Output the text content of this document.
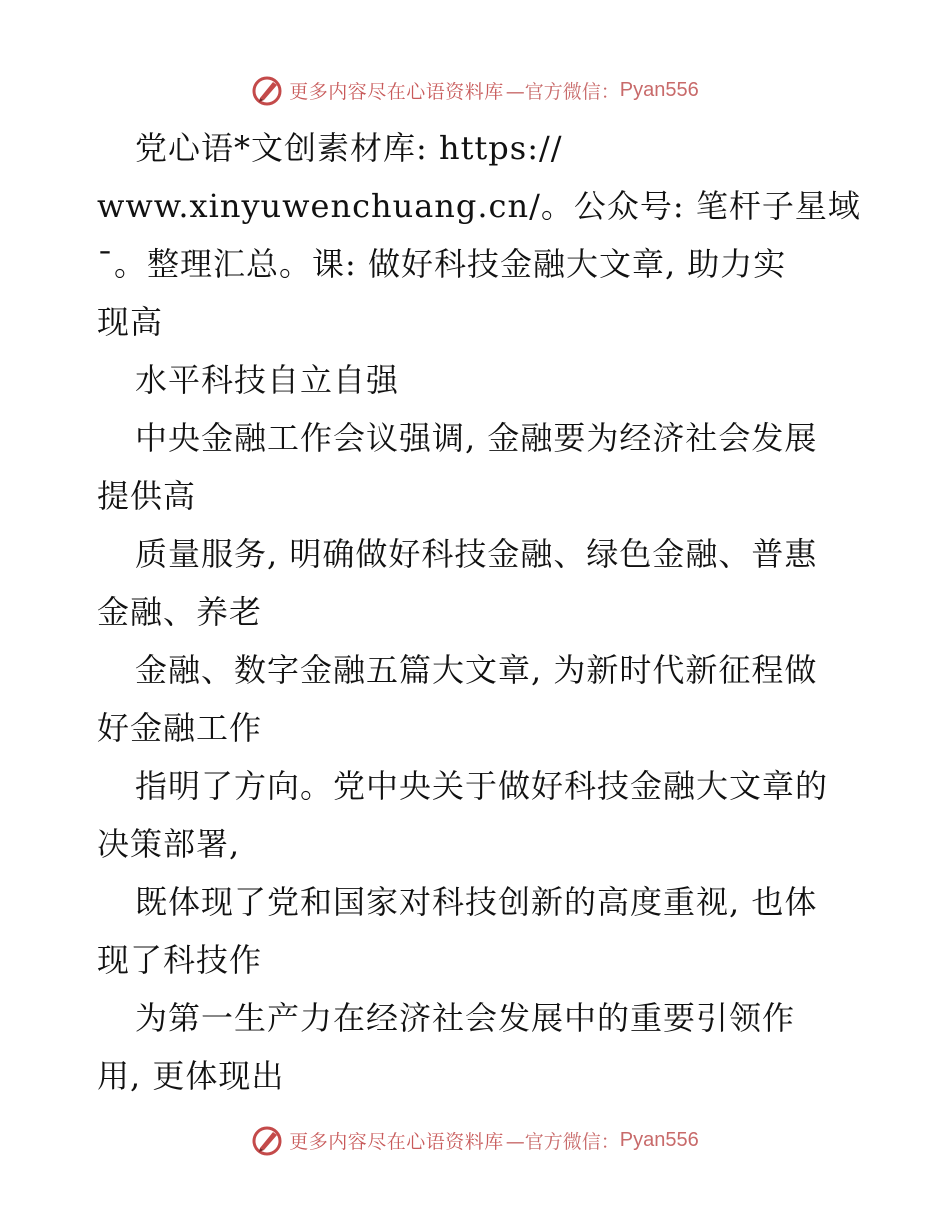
更多内容尽在心语资料库 —官方微信： Pyan556
党心语*文创素材库: https://
www.xinyuwenchuang.cn/。公众号: 笔杆子星域
¯。整理汇总。课: 做好科技金融大文章, 助力实
现高
水平科技自立自强
中央金融工作会议强调, 金融要为经济社会发展
提供高
质量服务, 明确做好科技金融、绿色金融、普惠
金融、养老
金融、数字金融五篇大文章, 为新时代新征程做
好金融工作
指明了方向。党中央关于做好科技金融大文章的
决策部署,
既体现了党和国家对科技创新的高度重视, 也体
现了科技作
为第一生产力在经济社会发展中的重要引领作
用, 更体现出
更多内容尽在心语资料库 —官方微信： Pyan556
